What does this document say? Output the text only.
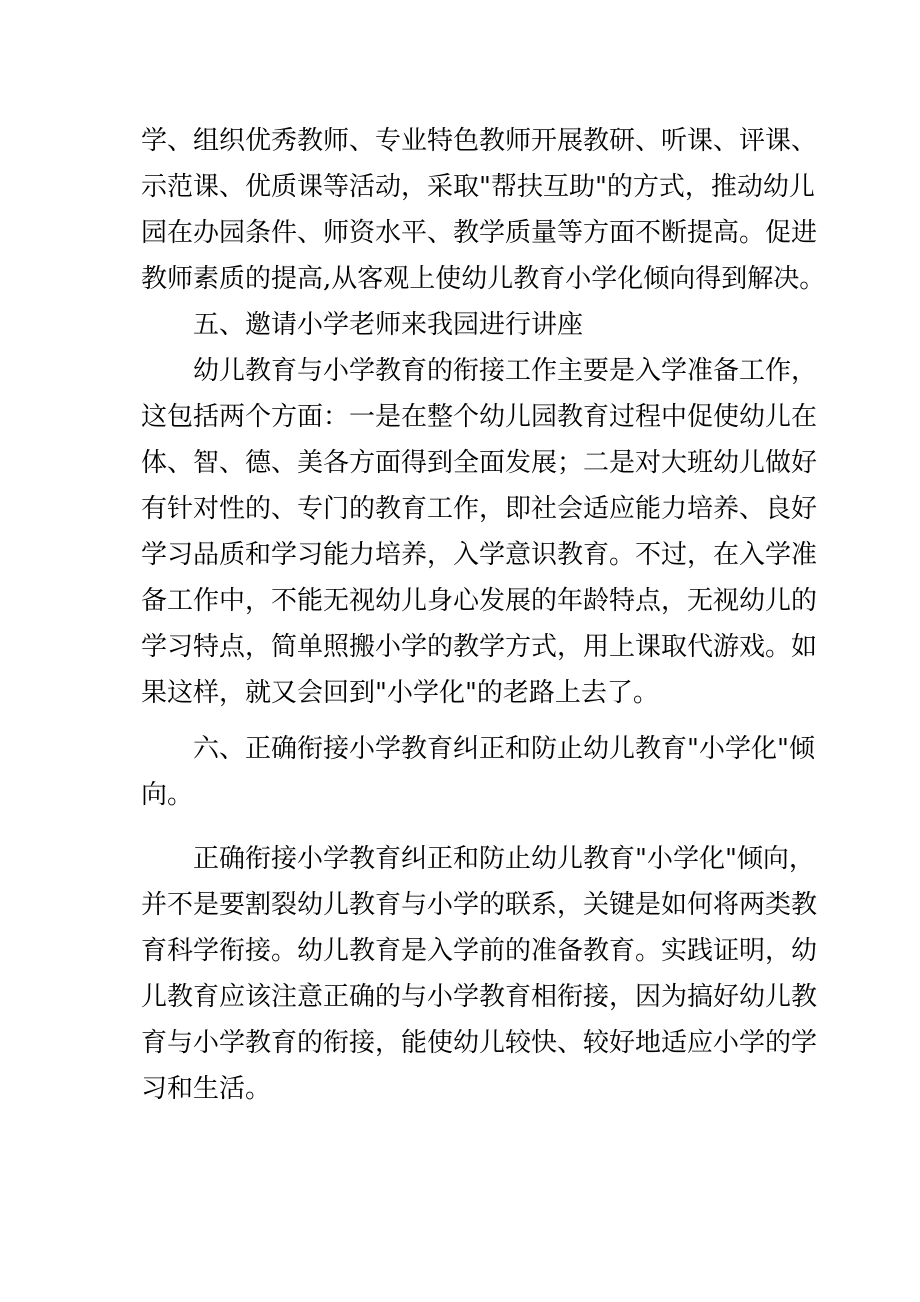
学、组织优秀教师、专业特色教师开展教研、听课、评课、
示范课、优质课等活动，采取"帮扶互助"的方式，推动幼儿
园在办园条件、师资水平、教学质量等方面不断提高。促进
教师素质的提高,从客观上使幼儿教育小学化倾向得到解决。
五、邀请小学老师来我园进行讲座
幼儿教育与小学教育的衔接工作主要是入学准备工作，
这包括两个方面：一是在整个幼儿园教育过程中促使幼儿在
体、智、德、美各方面得到全面发展；二是对大班幼儿做好
有针对性的、专门的教育工作，即社会适应能力培养、良好
学习品质和学习能力培养，入学意识教育。不过，在入学准
备工作中，不能无视幼儿身心发展的年龄特点，无视幼儿的
学习特点，简单照搬小学的教学方式，用上课取代游戏。如
果这样，就又会回到"小学化"的老路上去了。
六、正确衔接小学教育纠正和防止幼儿教育"小学化"倾
向。
正确衔接小学教育纠正和防止幼儿教育"小学化"倾向，
并不是要割裂幼儿教育与小学的联系，关键是如何将两类教
育科学衔接。幼儿教育是入学前的准备教育。实践证明，幼
儿教育应该注意正确的与小学教育相衔接，因为搞好幼儿教
育与小学教育的衔接，能使幼儿较快、较好地适应小学的学
习和生活。
